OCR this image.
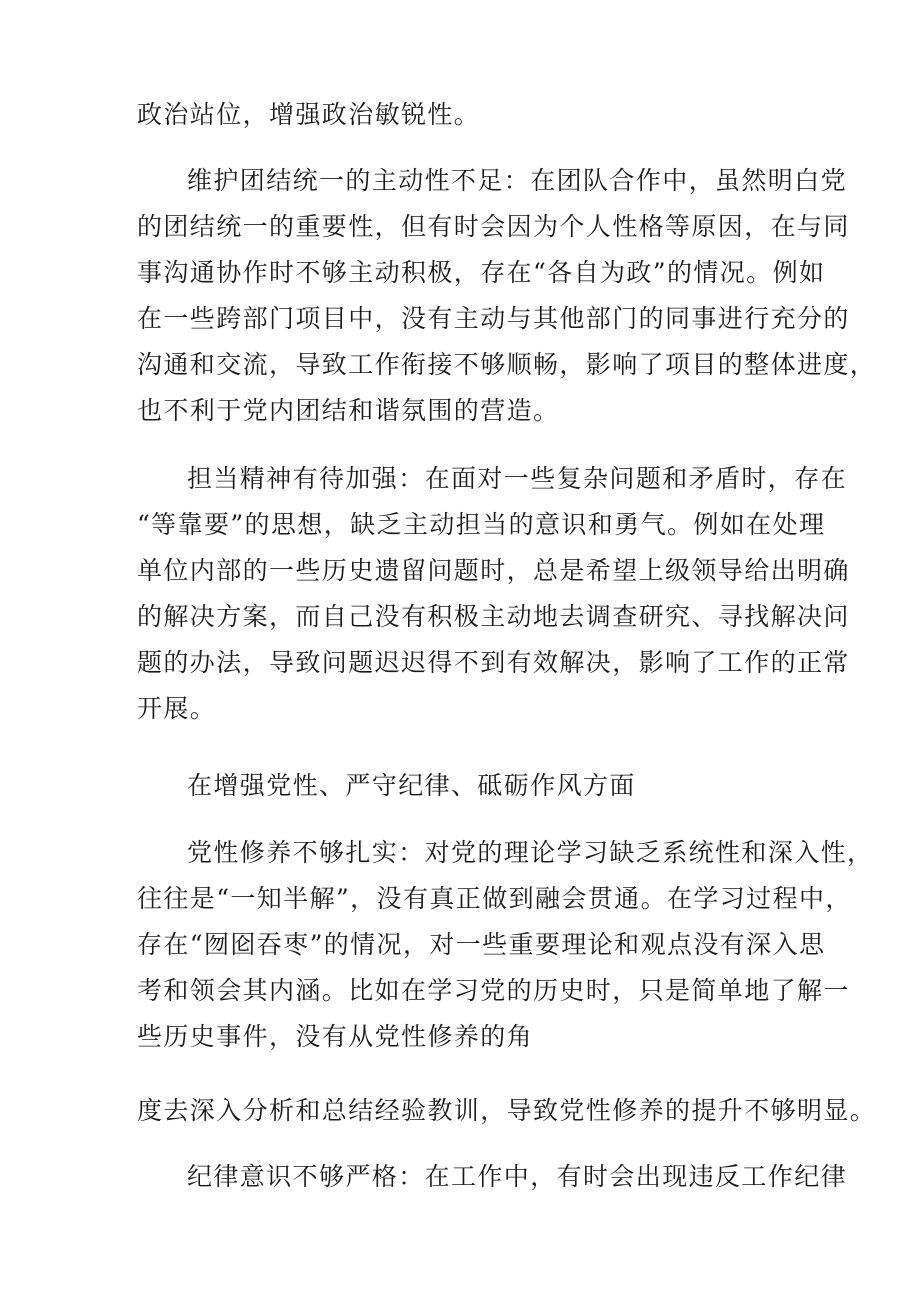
政治站位，增强政治敏锐性。
维护团结统一的主动性不足：在团队合作中，虽然明白党
的团结统一的重要性，但有时会因为个人性格等原因，在与同
事沟通协作时不够主动积极，存在“各自为政”的情况。例如
在一些跨部门项目中，没有主动与其他部门的同事进行充分的
沟通和交流，导致工作衔接不够顺畅，影响了项目的整体进度，
也不利于党内团结和谐氛围的营造。
担当精神有待加强：在面对一些复杂问题和矛盾时，存在
“等靠要”的思想，缺乏主动担当的意识和勇气。例如在处理
单位内部的一些历史遗留问题时，总是希望上级领导给出明确
的解决方案，而自己没有积极主动地去调查研究、寻找解决问
题的办法，导致问题迟迟得不到有效解决，影响了工作的正常
开展。
在增强党性、严守纪律、砥砺作风方面
党性修养不够扎实：对党的理论学习缺乏系统性和深入性，
往往是“一知半解”，没有真正做到融会贯通。在学习过程中，
存在“囫囵吞枣”的情况，对一些重要理论和观点没有深入思
考和领会其内涵。比如在学习党的历史时，只是简单地了解一
些历史事件，没有从党性修养的角
度去深入分析和总结经验教训，导致党性修养的提升不够明显。
纪律意识不够严格：在工作中，有时会出现违反工作纪律
